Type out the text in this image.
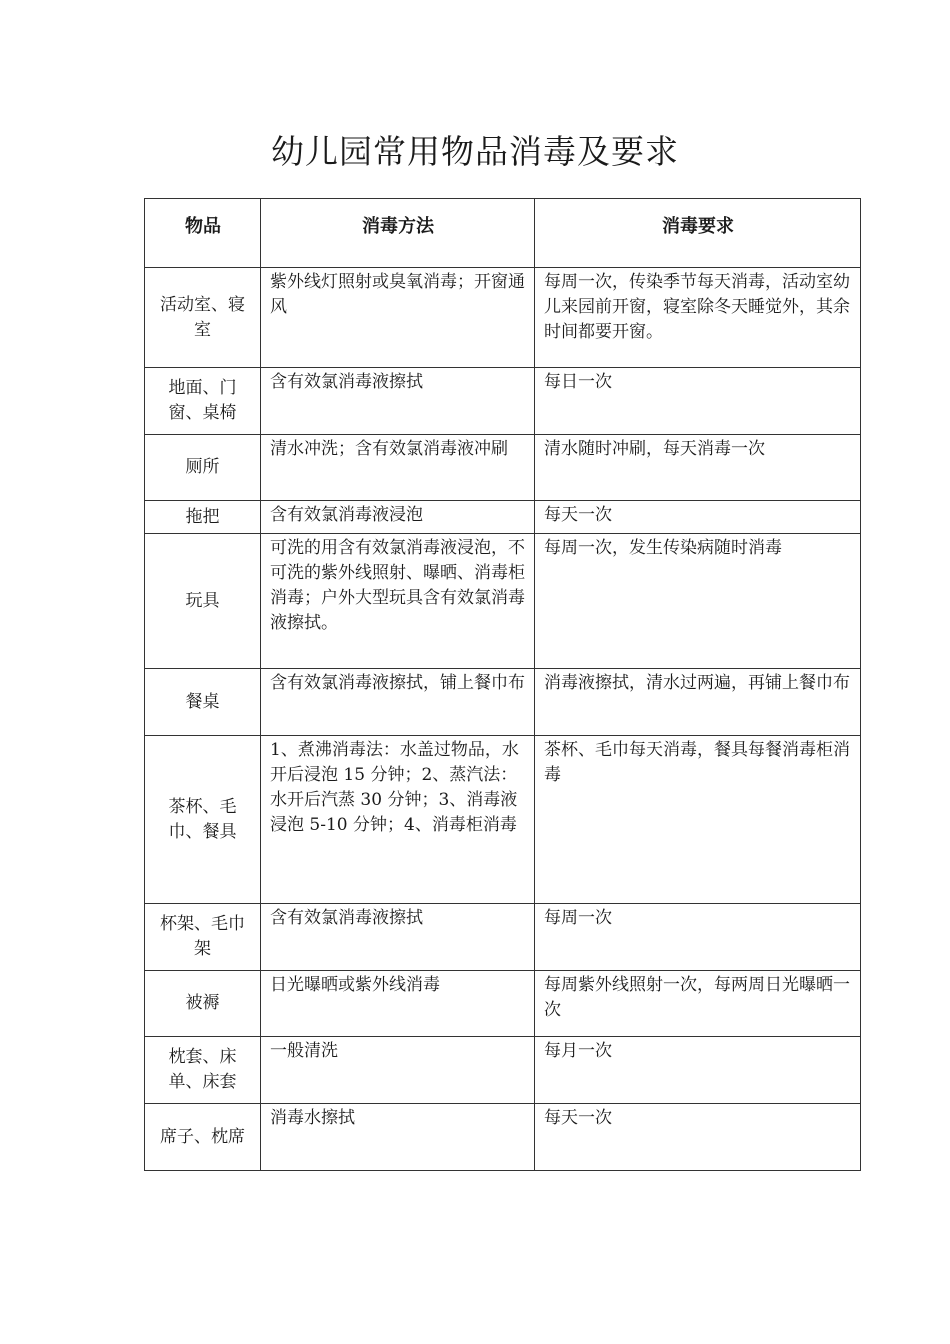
幼儿园常用物品消毒及要求
物品	消毒方法	消毒要求
活动室、寝室	紫外线灯照射或臭氧消毒；开窗通风	每周一次，传染季节每天消毒，活动室幼儿来园前开窗，寝室除冬天睡觉外，其余时间都要开窗。
地面、门窗、桌椅	含有效氯消毒液擦拭	每日一次
厕所	清水冲洗；含有效氯消毒液冲刷	清水随时冲刷，每天消毒一次
拖把	含有效氯消毒液浸泡	每天一次
玩具	可洗的用含有效氯消毒液浸泡，不可洗的紫外线照射、曝晒、消毒柜消毒；户外大型玩具含有效氯消毒液擦拭。	每周一次，发生传染病随时消毒
餐桌	含有效氯消毒液擦拭，铺上餐巾布	消毒液擦拭，清水过两遍，再铺上餐巾布
茶杯、毛巾、餐具	1、煮沸消毒法：水盖过物品，水开后浸泡 15 分钟；2、蒸汽法：水开后汽蒸 30 分钟；3、消毒液浸泡 5-10 分钟；4、消毒柜消毒	茶杯、毛巾每天消毒，餐具每餐消毒柜消毒
杯架、毛巾架	含有效氯消毒液擦拭	每周一次
被褥	日光曝晒或紫外线消毒	每周紫外线照射一次，每两周日光曝晒一次
枕套、床单、床套	一般清洗	每月一次
席子、枕席	消毒水擦拭	每天一次
